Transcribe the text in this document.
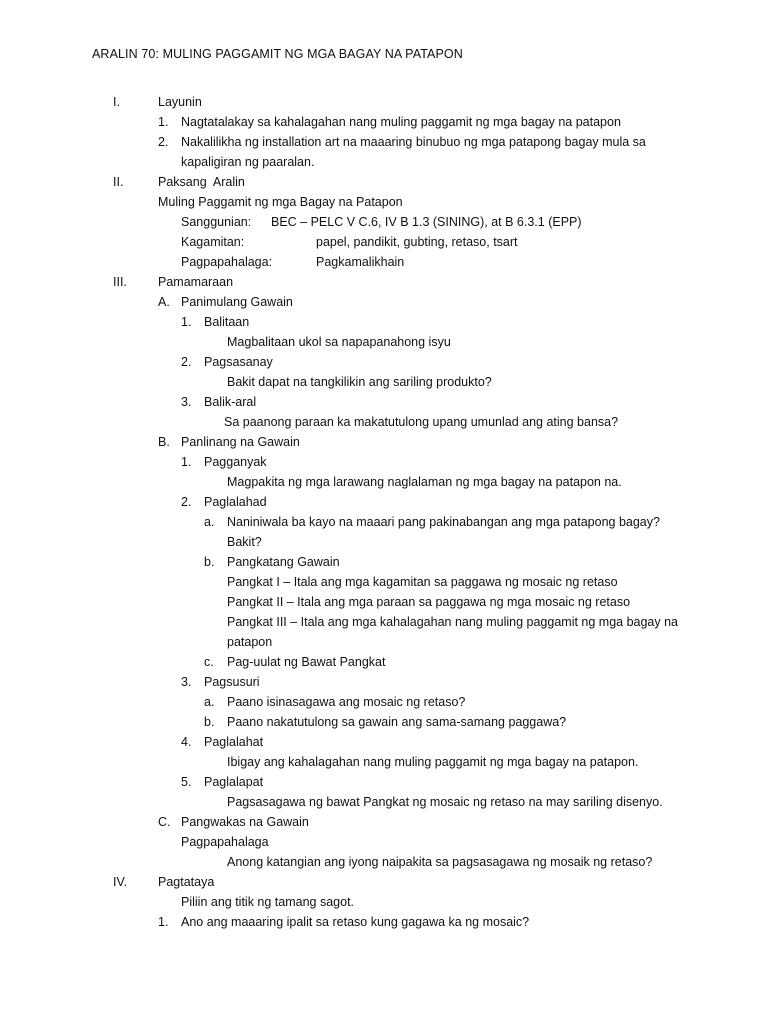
ARALIN 70: MULING PAGGAMIT NG MGA BAGAY NA PATAPON
I.	Layunin
1. Nagtatalakay sa kahalagahan nang muling paggamit ng mga bagay na patapon
2. Nakalilikha ng installation art na maaaring binubuo ng mga patapong bagay mula sa
kapaligiran ng paaralan.
II.	Paksang  Aralin
Muling Paggamit ng mga Bagay na Patapon
Sanggunian: BEC – PELC V C.6, IV B 1.3 (SINING), at B 6.3.1 (EPP)
Kagamitan:	papel, pandikit, gubting, retaso, tsart
Pagpapahalaga:	Pagkamalikhain
III. Pamamaraan
A. Panimulang Gawain
1. Balitaan
Magbalitaan ukol sa napapanahong isyu
2. Pagsasanay
Bakit dapat na tangkilikin ang sariling produkto?
3. Balik-aral
Sa paanong paraan ka makatutulong upang umunlad ang ating bansa?
B. Panlinang na Gawain
1. Pagganyak
Magpakita ng mga larawang naglalaman ng mga bagay na patapon na.
2. Paglalahad
a. Naniniwala ba kayo na maaari pang pakinabangan ang mga patapong bagay?
Bakit?
b. Pangkatang Gawain
Pangkat I – Itala ang mga kagamitan sa paggawa ng mosaic ng retaso
Pangkat II – Itala ang mga paraan sa paggawa ng mga mosaic ng retaso
Pangkat III – Itala ang mga kahalagahan nang muling paggamit ng mga bagay na
patapon
c. Pag-uulat ng Bawat Pangkat
3. Pagsusuri
a. Paano isinasagawa ang mosaic ng retaso?
b. Paano nakatutulong sa gawain ang sama-samang paggawa?
4. Paglalahat
Ibigay ang kahalagahan nang muling paggamit ng mga bagay na patapon.
5. Paglalapat
Pagsasagawa ng bawat Pangkat ng mosaic ng retaso na may sariling disenyo.
C. Pangwakas na Gawain
Pagpapahalaga
Anong katangian ang iyong naipakita sa pagsasagawa ng mosaik ng retaso?
IV. Pagtataya
Piliin ang titik ng tamang sagot.
1. Ano ang maaaring ipalit sa retaso kung gagawa ka ng mosaic?
